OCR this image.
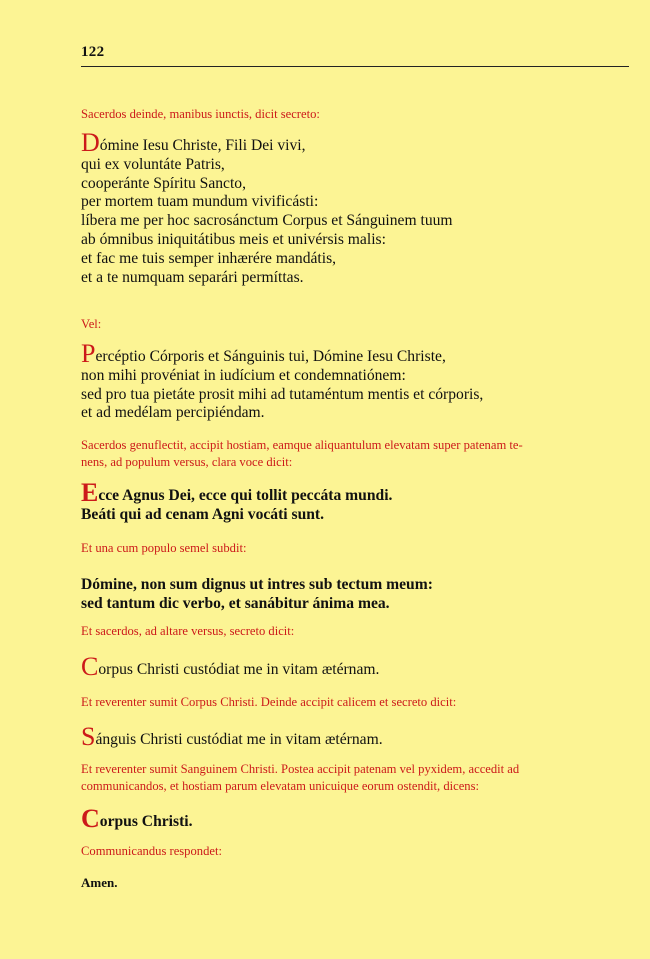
122

Sacerdos deinde, manibus iunctis, dicit secreto:

Dómine Iesu Christe, Fili Dei vivi,
qui ex voluntáte Patris,
cooperánte Spíritu Sancto,
per mortem tuam mundum vivificásti:
líbera me per hoc sacrosánctum Corpus et Sánguinem tuum
ab ómnibus iniquitátibus meis et univérsis malis:
et fac me tuis semper inhærére mandátis,
et a te numquam separári permíttas.

Vel:

Percéptio Córporis et Sánguinis tui, Dómine Iesu Christe,
non mihi provéniat in iudícium et condemnatiónem:
sed pro tua pietáte prosit mihi ad tutaméntum mentis et córporis,
et ad medélam percipiéndam.
Sacerdos genuflectit, accipit hostiam, eamque aliquantulum elevatam super patenam te-
nens, ad populum versus, clara voce dicit:
Ecce Agnus Dei, ecce qui tollit peccáta mundi.
Beáti qui ad cenam Agni vocáti sunt.

Et una cum populo semel subdit:

Dómine, non sum dignus ut intres sub tectum meum:
sed tantum dic verbo, et sanábitur ánima mea.

Et sacerdos, ad altare versus, secreto dicit:

Corpus Christi custódiat me in vitam ætérnam.

Et reverenter sumit Corpus Christi. Deinde accipit calicem et secreto dicit:

Sánguis Christi custódiat me in vitam ætérnam.
Et reverenter sumit Sanguinem Christi. Postea accipit patenam vel pyxidem, accedit ad
communicandos, et hostiam parum elevatam unicuique eorum ostendit, dicens:
Corpus Christi.

Communicandus respondet:

Amen.
